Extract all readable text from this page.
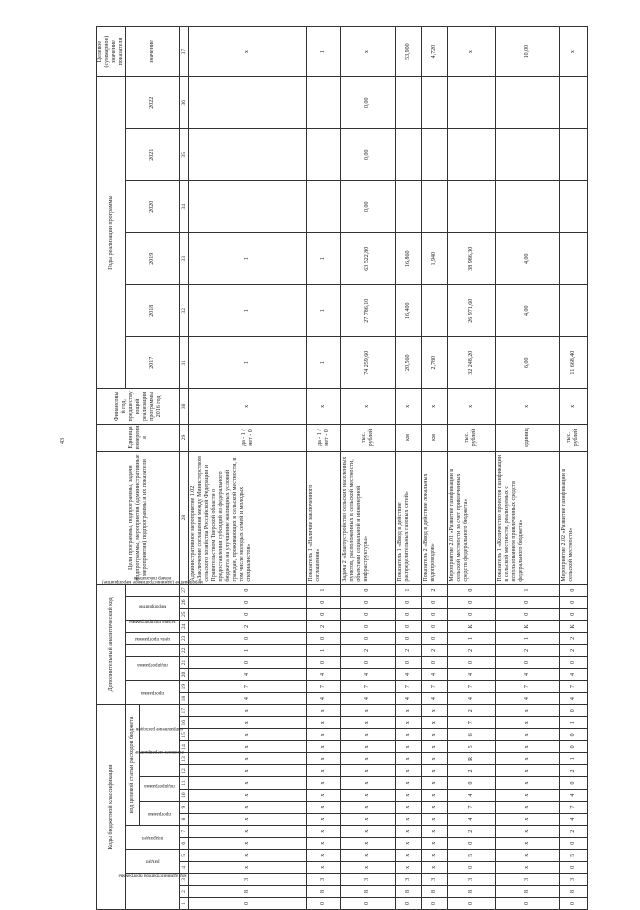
43
Коды бюджетной классификации																	Дополнительный аналитический код										Цели программы, подпрограммы, задачи подпрограммы, мероприятия (административные мероприятия) подпрограммы и их показатели	Единица измерения	Финансовый год, предшествующий реализации программы 2016 год	Годы реализации программы						Целевое (суммарное) значение показателя
код администратора программы			раздел		подраздел		код целевой статьи расходов бюджета										программа		подпрограмма		цель программы	задача подпрограммы	мероприятие (административное мероприятие)	мероприятие		номер показателя				2017	2018	2019	2020	2021	2022	значение
							программа		подпрограмма		основное мероприятие		направление расходов																							

1	2	3	4	5	6	7	8	9	10	11	12	13	14	15	16	17	18	19	20	21	22	23	24	25	26	27	28	29	30	31	32	33	34	35	36	37
0	8	3	х	х	х	х	х	х	х	х	х	х	х	х	х	х	4	7	4	0	1	0	2	0	0	0	Административное мероприятие 1.02 «Заключение соглашения между Министерством сельского хозяйства Российской Федерации и Правительством Тверской области о предоставлении субсидий из федерального бюджета на улучшение жилищных условий граждан, проживающих в сельской местности, в том числе молодых семей и молодых специалистов»	да - 1 / нет - 0	х	1	1	1				х
0	8	3	х	х	х	х	х	х	х	х	х	х	х	х	х	х	4	7	4	0	1	0	2	0	0	1	Показатель 1 «Наличие заключенного соглашения»	да - 1 / нет - 0	х	1	1	1				1
0	8	3	х	х	х	х	х	х	х	х	х	х	х	х	х	х	4	7	4	0	2	0	0	0	0	0	Задача 2 «Благоустройство сельских населенных пунктов, расположенных в сельской местности, объектами социальной и инженерной инфраструктуры»	тыс. рублей	х	74 259,60	27 786,10	63 522,80	0,00	0,00	0,00	х
0	8	3	х	х	х	х	х	х	х	х	х	х	х	х	х	х	4	7	4	0	2	0	0	0	0	1	Показатель 1 «Ввод в действие распределительных газовых сетей»	км	х	20,560	16,400	16,860				53,900
0	8	3	х	х	х	х	х	х	х	х	х	х	х	х	х	х	4	7	4	0	2	0	0	0	0	2	Показатель 2 «Ввод в действие локальных водопроводов»	км	х	2,780		1,940				4,720
0	8	3	0	5	0	2	4	7	4	0	2	R	5	6	7	2	4	7	4	0	2	1	К	0	0	0	Мероприятие 2.01 «Развитие газификации в сельской местности за счет привлеченных средств федерального бюджета»	тыс. рублей	х	32 248,20	26 971,60	38 986,30				х
0	8	3	х	х	х	х	х	х	х	х	х	х	х	х	х	х	4	7	4	0	2	1	К	0	0	1	Показатель 1 «Количество проектов газификации в сельской местности, реализуемых с использованием привлеченных средств федерального бюджета»	единиц	х	6,00	4,00	4,00				10,00
0	8	3	0	5	0	2	4	7	4	0	2	1	0	0	1	0	4	7	4	0	2	2	К	0	0	0	Мероприятие 2.02 «Развитие газификации в сельской местности»	тыс. рублей	х	11 668,40						х
